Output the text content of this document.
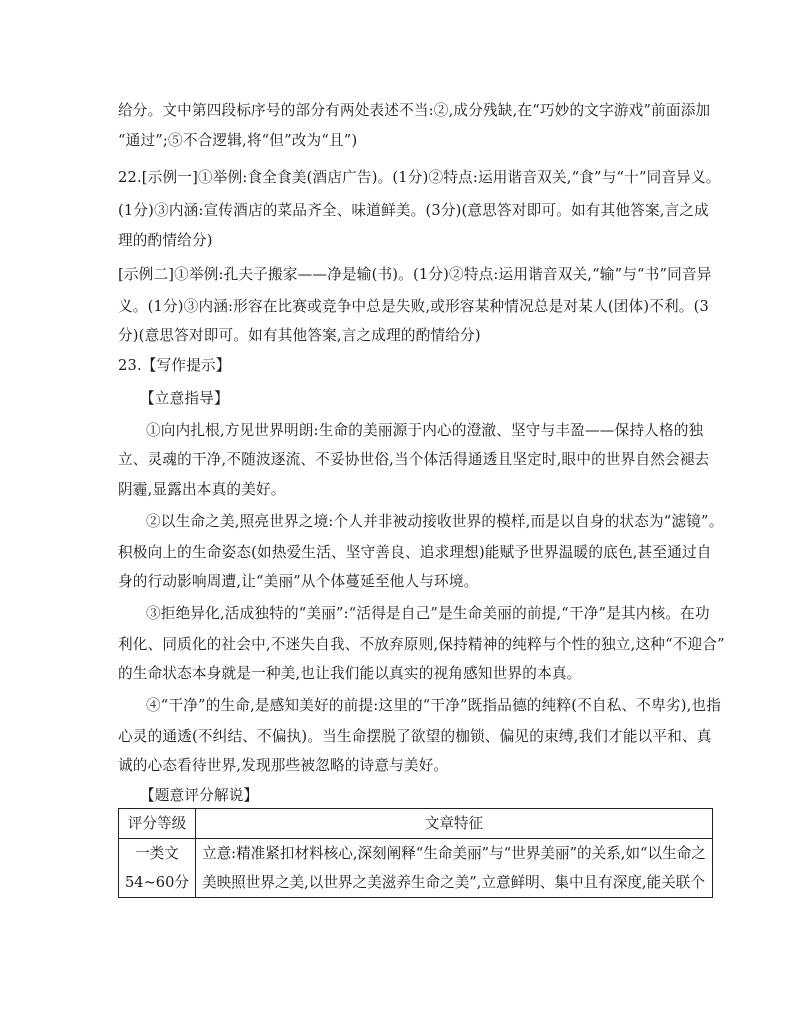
给分。文中第四段标序号的部分有两处表述不当:②,成分残缺,在“巧妙的文字游戏”前面添加
“通过”;⑤不合逻辑,将“但”改为“且”)
22.[示例一]①举例:食全食美(酒店广告)。(1分)②特点:运用谐音双关,“食”与“十”同音异义。
(1分)③内涵:宣传酒店的菜品齐全、味道鲜美。(3分)(意思答对即可。如有其他答案,言之成
理的酌情给分)
[示例二]①举例:孔夫子搬家——净是输(书)。(1分)②特点:运用谐音双关,“输”与“书”同音异
义。(1分)③内涵:形容在比赛或竞争中总是失败,或形容某种情况总是对某人(团体)不利。(3
分)(意思答对即可。如有其他答案,言之成理的酌情给分)
23.【写作提示】
【立意指导】
①向内扎根,方见世界明朗:生命的美丽源于内心的澄澈、坚守与丰盈——保持人格的独
立、灵魂的干净,不随波逐流、不妥协世俗,当个体活得通透且坚定时,眼中的世界自然会褪去
阴霾,显露出本真的美好。
②以生命之美,照亮世界之境:个人并非被动接收世界的模样,而是以自身的状态为“滤镜”。
积极向上的生命姿态(如热爱生活、坚守善良、追求理想)能赋予世界温暖的底色,甚至通过自
身的行动影响周遭,让“美丽”从个体蔓延至他人与环境。
③拒绝异化,活成独特的“美丽”:“活得是自己”是生命美丽的前提,“干净”是其内核。在功
利化、同质化的社会中,不迷失自我、不放弃原则,保持精神的纯粹与个性的独立,这种“不迎合”
的生命状态本身就是一种美,也让我们能以真实的视角感知世界的本真。
④“干净”的生命,是感知美好的前提:这里的“干净”既指品德的纯粹(不自私、不卑劣),也指
心灵的通透(不纠结、不偏执)。当生命摆脱了欲望的枷锁、偏见的束缚,我们才能以平和、真
诚的心态看待世界,发现那些被忽略的诗意与美好。
【题意评分解说】
评分等级	文章特征

一类文
54~60分	立意:精准紧扣材料核心,深刻阐释“生命美丽”与“世界美丽”的关系,如“以生命之
美映照世界之美,以世界之美滋养生命之美”,立意鲜明、集中且有深度,能关联个
